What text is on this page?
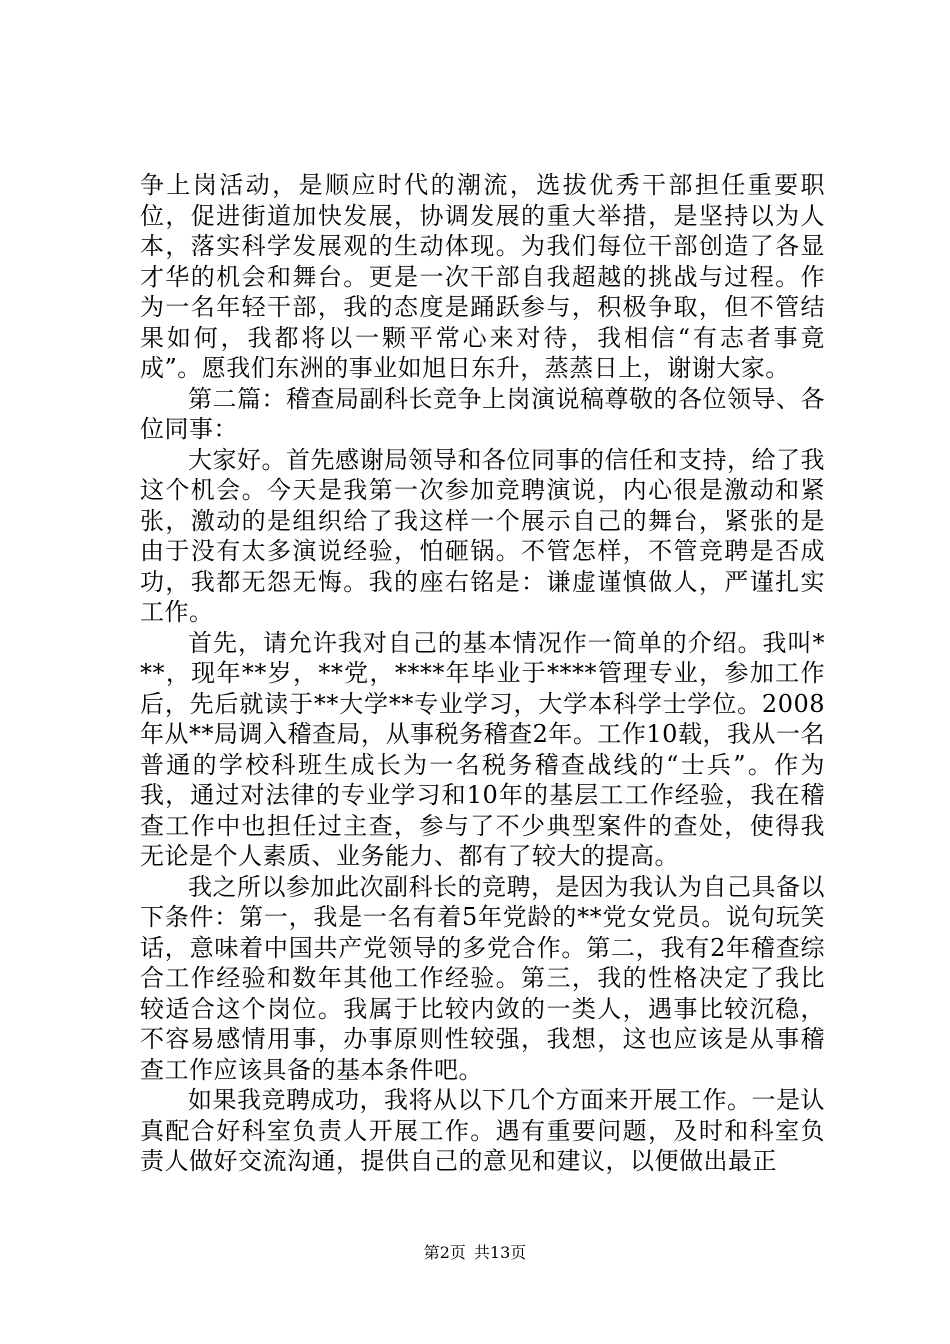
争上岗活动，是顺应时代的潮流，选拔优秀干部担任重要职位，促进街道加快发展，协调发展的重大举措，是坚持以为人本，落实科学发展观的生动体现。为我们每位干部创造了各显才华的机会和舞台。更是一次干部自我超越的挑战与过程。作为一名年轻干部，我的态度是踊跃参与，积极争取，但不管结果如何，我都将以一颗平常心来对待，我相信“有志者事竟成”。愿我们东洲的事业如旭日东升，蒸蒸日上，谢谢大家。

第二篇：稽查局副科长竞争上岗演说稿尊敬的各位领导、各位同事：

大家好。首先感谢局领导和各位同事的信任和支持，给了我这个机会。今天是我第一次参加竞聘演说，内心很是激动和紧张，激动的是组织给了我这样一个展示自己的舞台，紧张的是由于没有太多演说经验，怕砸锅。不管怎样，不管竞聘是否成功，我都无怨无悔。我的座右铭是：谦虚谨慎做人，严谨扎实工作。

首先，请允许我对自己的基本情况作一简单的介绍。我叫***，现年**岁，**党，****年毕业于****管理专业，参加工作后，先后就读于**大学**专业学习，大学本科学士学位。2008年从**局调入稽查局，从事税务稽查2年。工作10载，我从一名普通的学校科班生成长为一名税务稽查战线的“士兵”。作为我，通过对法律的专业学习和10年的基层工工作经验，我在稽查工作中也担任过主查，参与了不少典型案件的查处，使得我无论是个人素质、业务能力、都有了较大的提高。

我之所以参加此次副科长的竞聘，是因为我认为自己具备以下条件：第一，我是一名有着5年党龄的**党女党员。说句玩笑话，意味着中国共产党领导的多党合作。第二，我有2年稽查综合工作经验和数年其他工作经验。第三，我的性格决定了我比较适合这个岗位。我属于比较内敛的一类人，遇事比较沉稳，不容易感情用事，办事原则性较强，我想，这也应该是从事稽查工作应该具备的基本条件吧。

如果我竞聘成功，我将从以下几个方面来开展工作。一是认真配合好科室负责人开展工作。遇有重要问题，及时和科室负责人做好交流沟通，提供自己的意见和建议，以便做出最正

第2页 共13页
